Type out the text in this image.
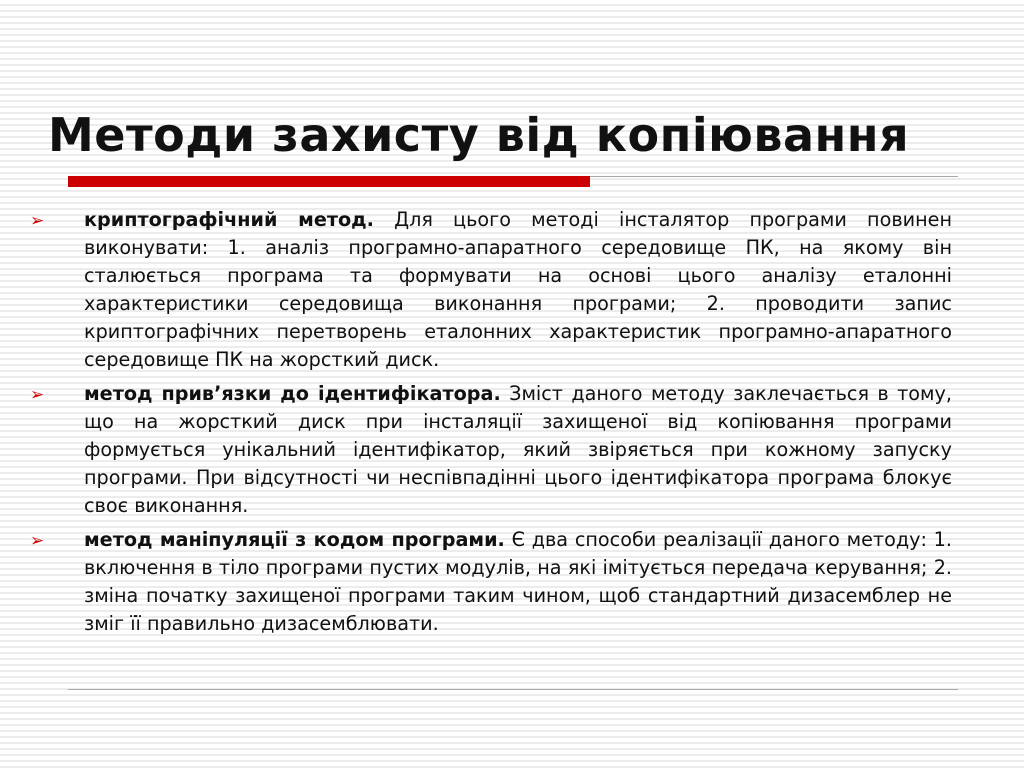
Методи захисту від копіювання
➢ криптографічний метод. Для цього методі інсталятор програми повинен виконувати: 1. аналіз програмно-апаратного середовище ПК, на якому він сталюється програма та формувати на основі цього аналізу еталонні характеристики середовища виконання програми; 2. проводити запис криптографічних перетворень еталонних характеристик програмно-апаратного середовище ПК на жорсткий диск.

➢ метод прив’язки до ідентифікатора. Зміст даного методу заклечається в тому, що на жорсткий диск при інсталяції захищеної від копіювання програми формується унікальний ідентифікатор, який звіряється при кожному запуску програми. При відсутності чи неспівпадінні цього ідентифікатора програма блокує своє виконання.

➢ метод маніпуляції з кодом програми. Є два способи реалізації даного методу: 1. включення в тіло програми пустих модулів, на які імітується передача керування; 2. зміна початку захищеної програми таким чином, щоб стандартний дизасемблер не зміг її правильно дизасемблювати.
